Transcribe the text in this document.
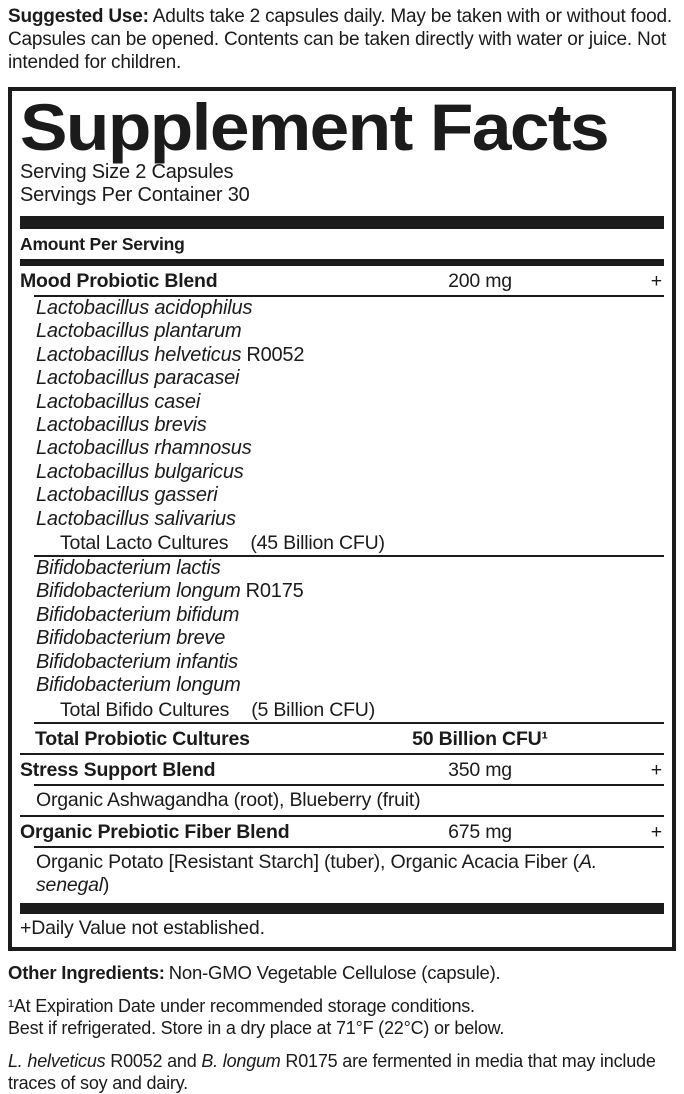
Suggested Use: Adults take 2 capsules daily. May be taken with or without food. Capsules can be opened. Contents can be taken directly with water or juice. Not intended for children.

Supplement Facts
Serving Size 2 Capsules
Servings Per Container 30
Amount Per Serving
Mood Probiotic Blend	200 mg	+
Lactobacillus acidophilus
Lactobacillus plantarum
Lactobacillus helveticus R0052
Lactobacillus paracasei
Lactobacillus casei
Lactobacillus brevis
Lactobacillus rhamnosus
Lactobacillus bulgaricus
Lactobacillus gasseri
Lactobacillus salivarius
Total Lacto Cultures (45 Billion CFU)
Bifidobacterium lactis
Bifidobacterium longum R0175
Bifidobacterium bifidum
Bifidobacterium breve
Bifidobacterium infantis
Bifidobacterium longum
Total Bifido Cultures (5 Billion CFU)
Total Probiotic Cultures	50 Billion CFU¹
Stress Support Blend	350 mg	+
Organic Ashwagandha (root), Blueberry (fruit)
Organic Prebiotic Fiber Blend	675 mg	+
Organic Potato [Resistant Starch] (tuber), Organic Acacia Fiber (A. senegal)
+Daily Value not established.

Other Ingredients: Non-GMO Vegetable Cellulose (capsule).

¹At Expiration Date under recommended storage conditions.
Best if refrigerated. Store in a dry place at 71°F (22°C) or below.

L. helveticus R0052 and B. longum R0175 are fermented in media that may include traces of soy and dairy.
